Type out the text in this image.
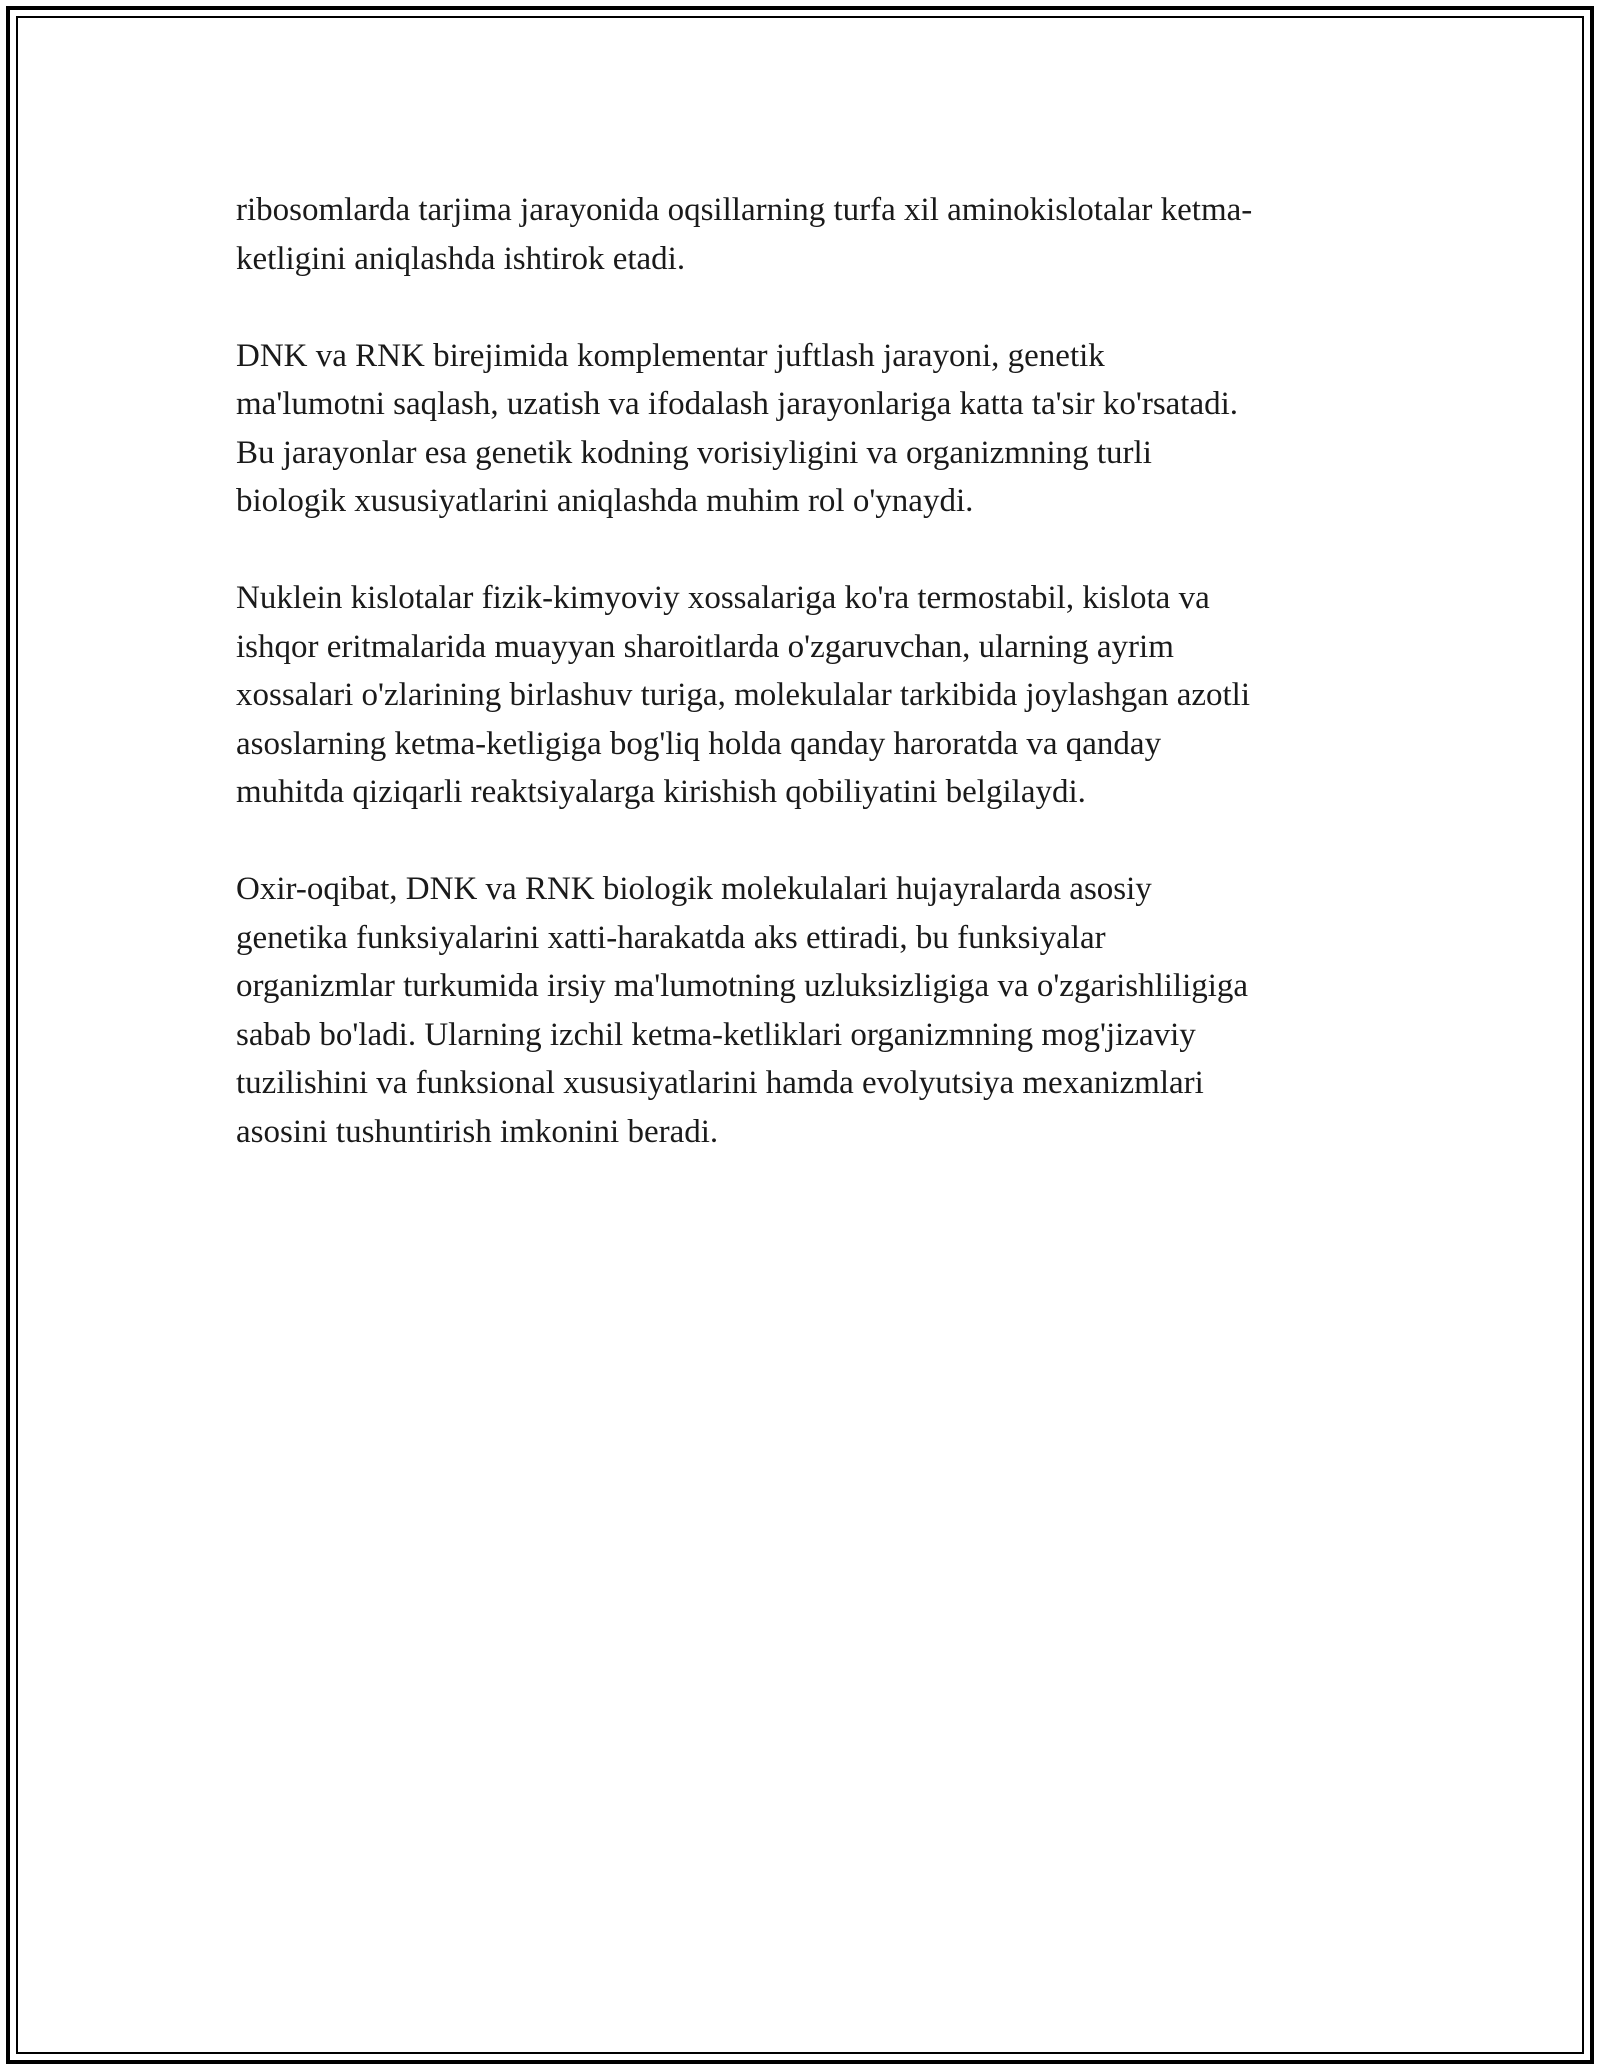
ribosomlarda tarjima jarayonida oqsillarning turfa xil aminokislotalar ketma-
ketligini aniqlashda ishtirok etadi.
DNK va RNK birejimida komplementar juftlash jarayoni, genetik
ma'lumotni saqlash, uzatish va ifodalash jarayonlariga katta ta'sir ko'rsatadi.
Bu jarayonlar esa genetik kodning vorisiyligini va organizmning turli
biologik xususiyatlarini aniqlashda muhim rol o'ynaydi.
Nuklein kislotalar fizik-kimyoviy xossalariga ko'ra termostabil, kislota va
ishqor eritmalarida muayyan sharoitlarda o'zgaruvchan, ularning ayrim
xossalari o'zlarining birlashuv turiga, molekulalar tarkibida joylashgan azotli
asoslarning ketma-ketligiga bog'liq holda qanday haroratda va qanday
muhitda qiziqarli reaktsiyalarga kirishish qobiliyatini belgilaydi.
Oxir-oqibat, DNK va RNK biologik molekulalari hujayralarda asosiy
genetika funksiyalarini xatti-harakatda aks ettiradi, bu funksiyalar
organizmlar turkumida irsiy ma'lumotning uzluksizligiga va o'zgarishliligiga
sabab bo'ladi. Ularning izchil ketma-ketliklari organizmning mog'jizaviy
tuzilishini va funksional xususiyatlarini hamda evolyutsiya mexanizmlari
asosini tushuntirish imkonini beradi.
